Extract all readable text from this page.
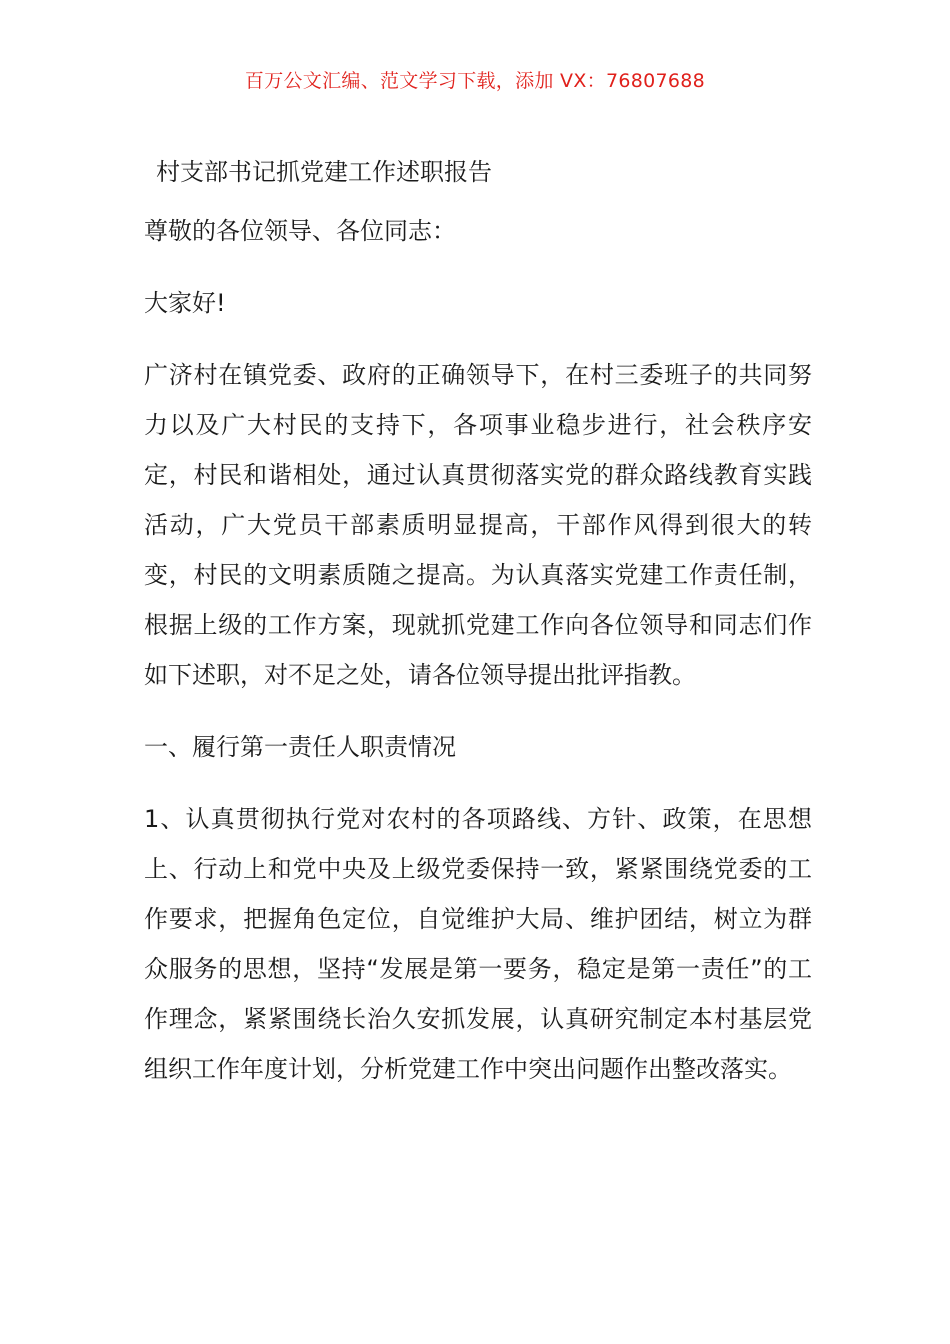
百万公文汇编、范文学习下载，添加 VX：76807688
村支部书记抓党建工作述职报告

尊敬的各位领导、各位同志：

大家好!

广济村在镇党委、政府的正确领导下，在村三委班子的共同努力以及广大村民的支持下，各项事业稳步进行，社会秩序安定，村民和谐相处，通过认真贯彻落实党的群众路线教育实践活动，广大党员干部素质明显提高，干部作风得到很大的转变，村民的文明素质随之提高。为认真落实党建工作责任制，根据上级的工作方案，现就抓党建工作向各位领导和同志们作如下述职，对不足之处，请各位领导提出批评指教。

一、履行第一责任人职责情况

1、认真贯彻执行党对农村的各项路线、方针、政策，在思想上、行动上和党中央及上级党委保持一致，紧紧围绕党委的工作要求，把握角色定位，自觉维护大局、维护团结，树立为群众服务的思想，坚持“发展是第一要务，稳定是第一责任”的工作理念，紧紧围绕长治久安抓发展，认真研究制定本村基层党组织工作年度计划，分析党建工作中突出问题作出整改落实。
